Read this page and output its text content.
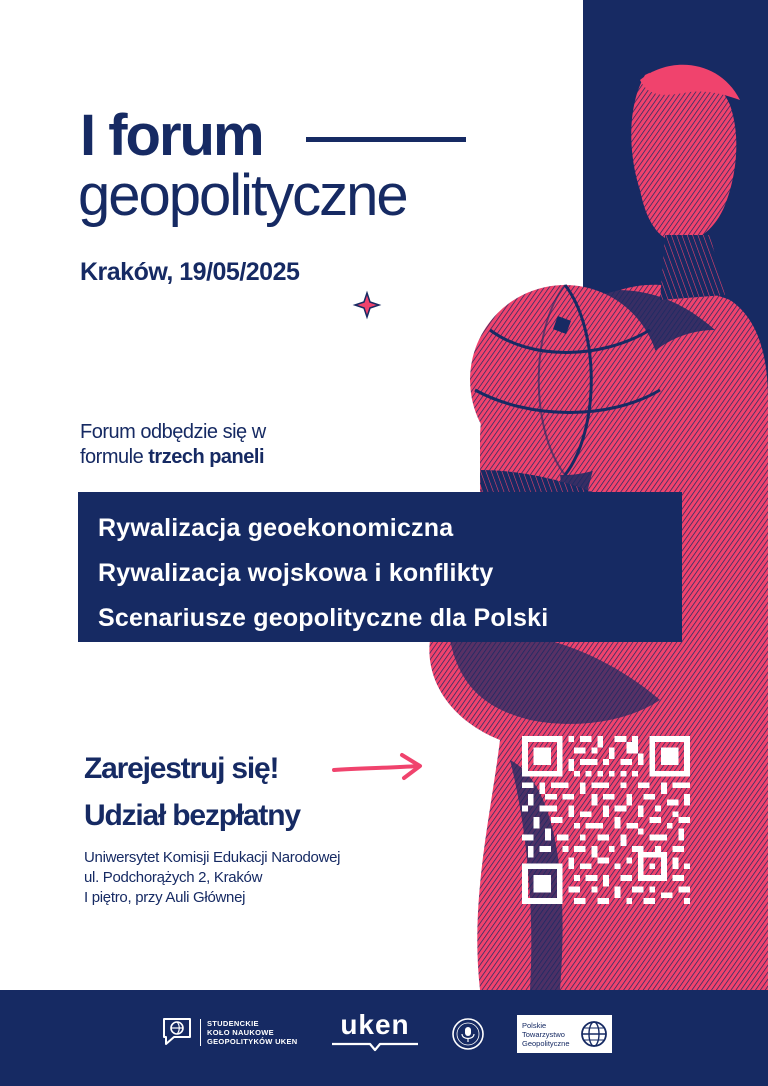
I forum
geopolityczne
Kraków, 19/05/2025
Forum odbędzie się w
formule trzech paneli
Rywalizacja geoekonomiczna
Rywalizacja wojskowa i konflikty
Scenariusze geopolityczne dla Polski
Zarejestruj się!
Udział bezpłatny
Uniwersytet Komisji Edukacji Narodowej
ul. Podchorążych 2, Kraków
I piętro, przy Auli Głównej
STUDENCKIE
KOŁO NAUKOWE
GEOPOLITYKÓW UKEN
uken	Polskie
Towarzystwo
Geopolityczne
